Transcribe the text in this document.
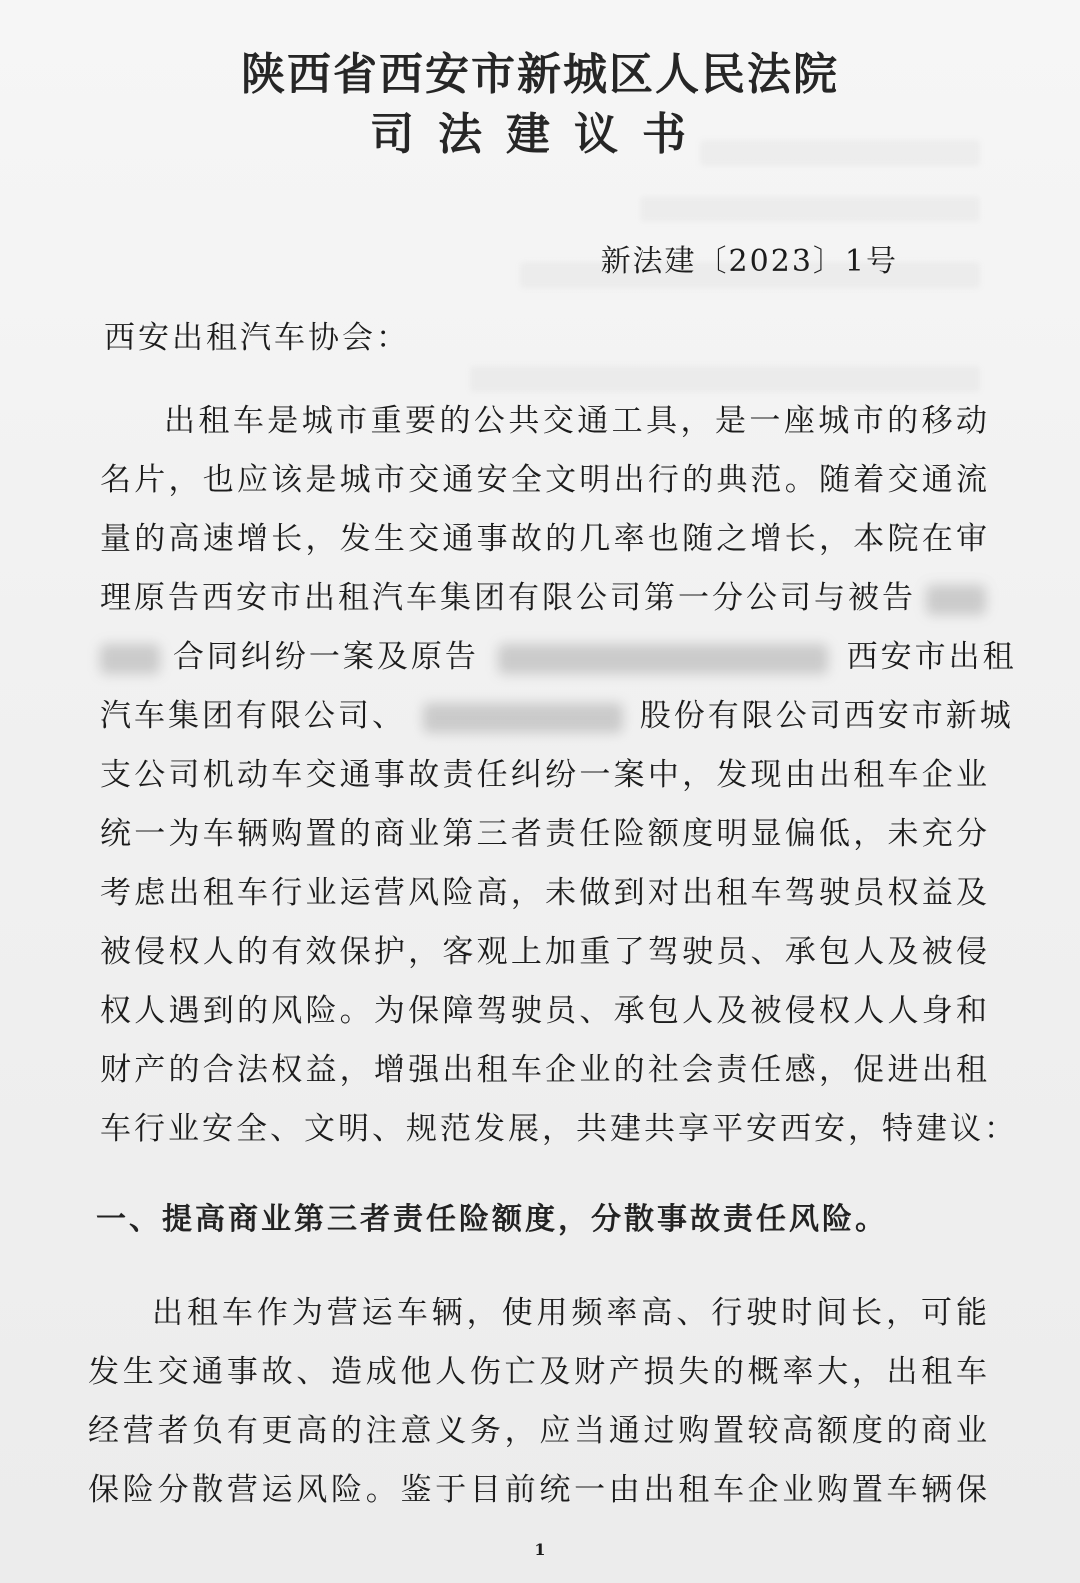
陕西省西安市新城区人民法院
司法建议书
新法建〔2023〕1号
西安出租汽车协会：
出租车是城市重要的公共交通工具，是一座城市的移动
名片，也应该是城市交通安全文明出行的典范。随着交通流
量的高速增长，发生交通事故的几率也随之增长，本院在审
理原告西安市出租汽车集团有限公司第一分公司与被告
合同纠纷一案及原告	西安市出租
汽车集团有限公司、	股份有限公司西安市新城
支公司机动车交通事故责任纠纷一案中，发现由出租车企业
统一为车辆购置的商业第三者责任险额度明显偏低，未充分
考虑出租车行业运营风险高，未做到对出租车驾驶员权益及
被侵权人的有效保护，客观上加重了驾驶员、承包人及被侵
权人遇到的风险。为保障驾驶员、承包人及被侵权人人身和
财产的合法权益，增强出租车企业的社会责任感，促进出租
车行业安全、文明、规范发展，共建共享平安西安，特建议：
一、提高商业第三者责任险额度，分散事故责任风险。
出租车作为营运车辆，使用频率高、行驶时间长，可能
发生交通事故、造成他人伤亡及财产损失的概率大，出租车
经营者负有更高的注意义务，应当通过购置较高额度的商业
保险分散营运风险。鉴于目前统一由出租车企业购置车辆保
1
